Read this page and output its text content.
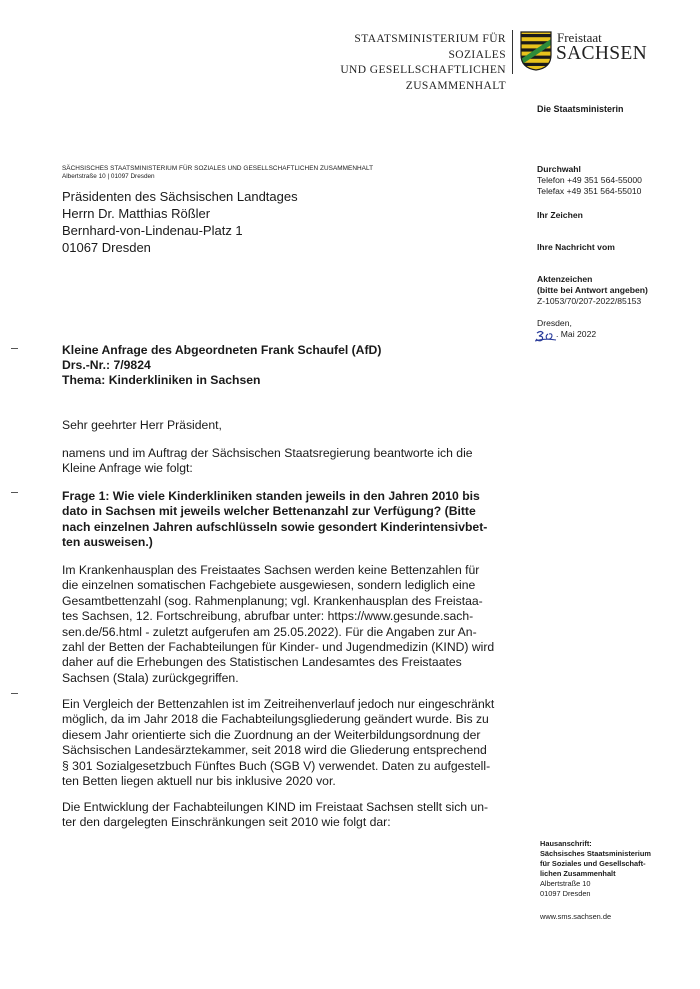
STAATSMINISTERIUM FÜR SOZIALES
UND GESELLSCHAFTLICHEN
ZUSAMMENHALT
Freistaat
SACHSEN
Die Staatsministerin
SÄCHSISCHES STAATSMINISTERIUM FÜR SOZIALES UND GESELLSCHAFTLICHEN ZUSAMMENHALT
Albertstraße 10 | 01097 Dresden
Präsidenten des Sächsischen Landtages
Herrn Dr. Matthias Rößler
Bernhard-von-Lindenau-Platz 1
01067 Dresden
Durchwahl
Telefon +49 351 564-55000
Telefax +49 351 564-55010
Ihr Zeichen
Ihre Nachricht vom
Aktenzeichen
(bitte bei Antwort angeben)
Z-1053/70/207-2022/85153
Dresden,
. Mai 2022
Kleine Anfrage des Abgeordneten Frank Schaufel (AfD)
Drs.-Nr.: 7/9824
Thema: Kinderkliniken in Sachsen
Sehr geehrter Herr Präsident,
namens und im Auftrag der Sächsischen Staatsregierung beantworte ich die
Kleine Anfrage wie folgt:
Frage 1: Wie viele Kinderkliniken standen jeweils in den Jahren 2010 bis
dato in Sachsen mit jeweils welcher Bettenanzahl zur Verfügung? (Bitte
nach einzelnen Jahren aufschlüsseln sowie gesondert Kinderintensivbet-
ten ausweisen.)
Im Krankenhausplan des Freistaates Sachsen werden keine Bettenzahlen für
die einzelnen somatischen Fachgebiete ausgewiesen, sondern lediglich eine
Gesamtbettenzahl (sog. Rahmenplanung; vgl. Krankenhausplan des Freistaa-
tes Sachsen, 12. Fortschreibung, abrufbar unter: https://www.gesunde.sach-
sen.de/56.html - zuletzt aufgerufen am 25.05.2022). Für die Angaben zur An-
zahl der Betten der Fachabteilungen für Kinder- und Jugendmedizin (KIND) wird
daher auf die Erhebungen des Statistischen Landesamtes des Freistaates
Sachsen (Stala) zurückgegriffen.
Ein Vergleich der Bettenzahlen ist im Zeitreihenverlauf jedoch nur eingeschränkt
möglich, da im Jahr 2018 die Fachabteilungsgliederung geändert wurde. Bis zu
diesem Jahr orientierte sich die Zuordnung an der Weiterbildungsordnung der
Sächsischen Landesärztekammer, seit 2018 wird die Gliederung entsprechend
§ 301 Sozialgesetzbuch Fünftes Buch (SGB V) verwendet. Daten zu aufgestell-
ten Betten liegen aktuell nur bis inklusive 2020 vor.
Die Entwicklung der Fachabteilungen KIND im Freistaat Sachsen stellt sich un-
ter den dargelegten Einschränkungen seit 2010 wie folgt dar:
Hausanschrift:
Sächsisches Staatsministerium
für Soziales und Gesellschaft-
lichen Zusammenhalt
Albertstraße 10
01097 Dresden
www.sms.sachsen.de
